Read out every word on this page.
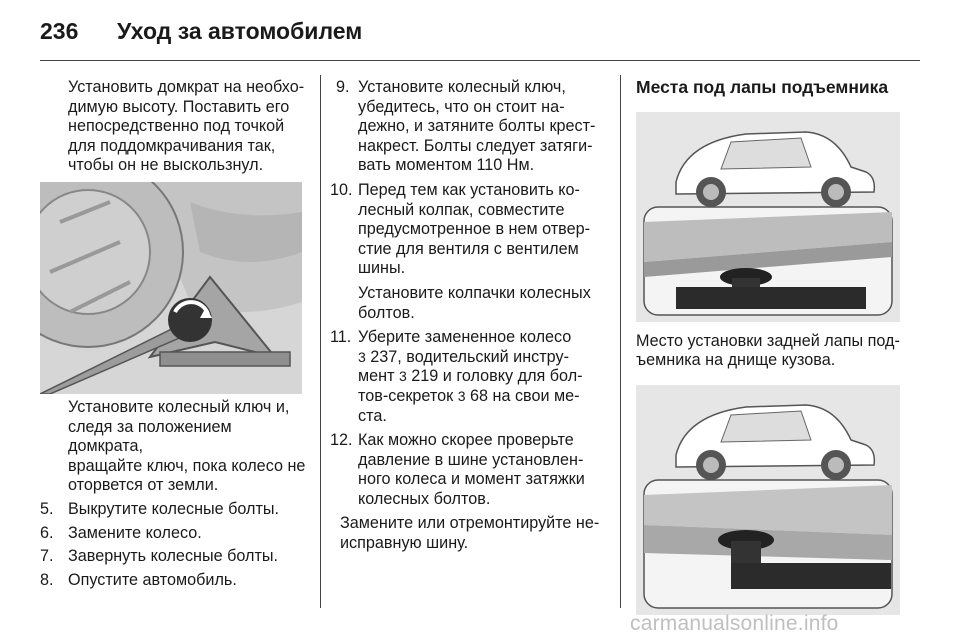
236 Уход за автомобилем

Установить домкрат на необхо-

димую высоту. Поставить его

непосредственно под точкой

для поддомкрачивания так,

чтобы он не выскользнул.

Установите колесный ключ и,

следя за положением домкрата,

вращайте ключ, пока колесо не

оторвется от земли.

5. Выкрутите колесные болты.
6. Замените колесо.
7. Завернуть колесные болты.
8. Опустите автомобиль.
9. Установите колесный ключ,

убедитесь, что он стоит на-

дежно, и затяните болты крест-

накрест. Болты следует затяги-

вать моментом 110 Нм.

10. Перед тем как установить ко-

лесный колпак, совместите

предусмотренное в нем отвер-

стие для вентиля с вентилем

шины.

Установите колпачки колесных

болтов.

11. Уберите замененное колесо

3 237, водительский инстру-

мент 3 219 и головку для бол-

тов-секреток 3 68 на свои ме-

ста.

12. Как можно скорее проверьте

давление в шине установлен-

ного колеса и момент затяжки

колесных болтов.

Замените или отремонтируйте не-

исправную шину.

Места под лапы подъемника

Место установки задней лапы под-

ъемника на днище кузова.

carmanualsonline.info
